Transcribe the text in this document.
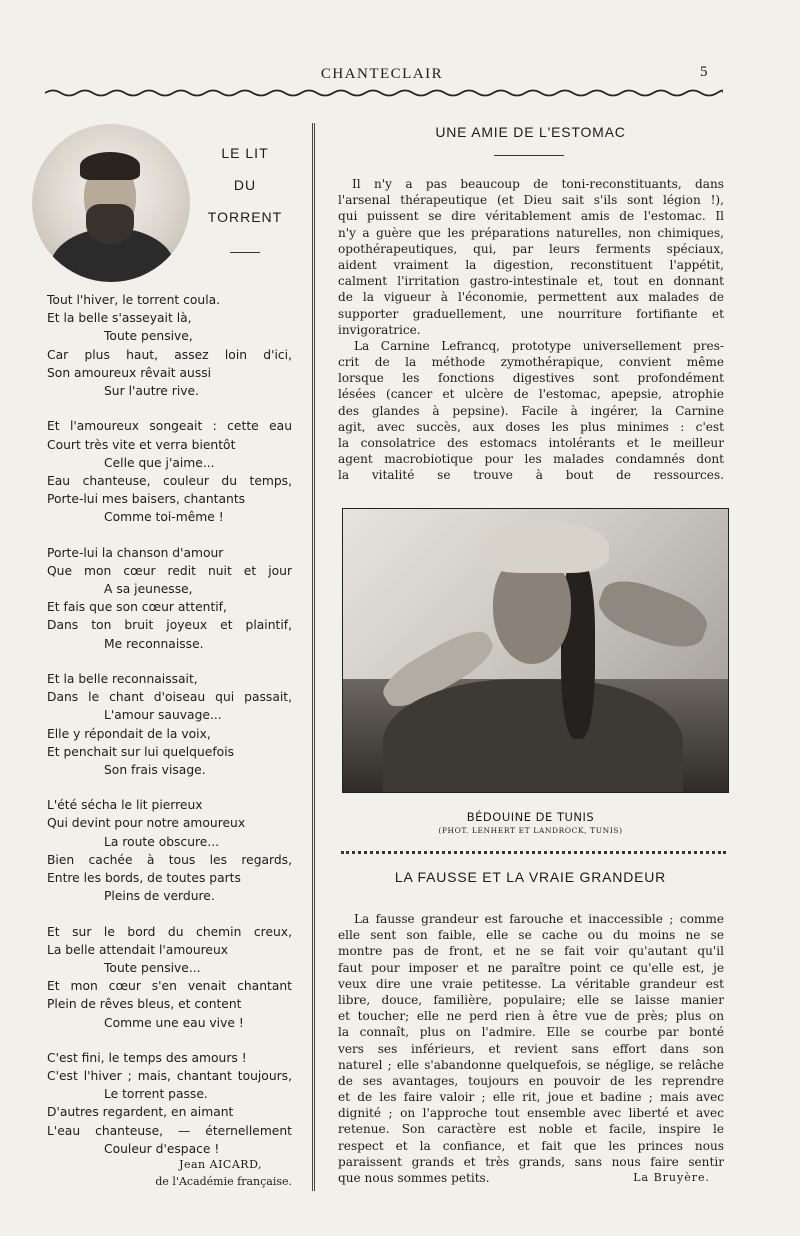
CHANTECLAIR	5
LE LIT
DU
TORRENT
Tout l'hiver, le torrent coula.
Et la belle s'asseyait là,
Toute pensive,
Car plus haut, assez loin d'ici,
Son amoureux rêvait aussi
Sur l'autre rive.
Et l'amoureux songeait : cette eau
Court très vite et verra bientôt
Celle que j'aime...
Eau chanteuse, couleur du temps,
Porte-lui mes baisers, chantants
Comme toi-même !
Porte-lui la chanson d'amour
Que mon cœur redit nuit et jour
A sa jeunesse,
Et fais que son cœur attentif,
Dans ton bruit joyeux et plaintif,
Me reconnaisse.
Et la belle reconnaissait,
Dans le chant d'oiseau qui passait,
L'amour sauvage...
Elle y répondait de la voix,
Et penchait sur lui quelquefois
Son frais visage.
L'été sécha le lit pierreux
Qui devint pour notre amoureux
La route obscure...
Bien cachée à tous les regards,
Entre les bords, de toutes parts
Pleins de verdure.
Et sur le bord du chemin creux,
La belle attendait l'amoureux
Toute pensive...
Et mon cœur s'en venait chantant
Plein de rêves bleus, et content
Comme une eau vive !
C'est fini, le temps des amours !
C'est l'hiver ; mais, chantant toujours,
Le torrent passe.
D'autres regardent, en aimant
L'eau chanteuse, — éternellement
Couleur d'espace !
Jean AICARD,
de l'Académie française.
UNE AMIE DE L'ESTOMAC
Il n'y a pas beaucoup de toni-reconstituants, dans
l'arsenal thérapeutique (et Dieu sait s'ils sont légion !),
qui puissent se dire véritablement amis de l'estomac. Il
n'y a guère que les préparations naturelles, non chimiques,
opothérapeutiques, qui, par leurs ferments spéciaux,
aident vraiment la digestion, reconstituent l'appétit,
calment l'irritation gastro-intestinale et, tout en donnant
de la vigueur à l'économie, permettent aux malades de
supporter graduellement, une nourriture fortifiante et
invigoratrice.
La Carnine Lefrancq, prototype universellement pres-
crit de la méthode zymothérapique, convient même
lorsque les fonctions digestives sont profondément
lésées (cancer et ulcère de l'estomac, apepsie, atrophie
des glandes à pepsine). Facile à ingérer, la Carnine
agit, avec succès, aux doses les plus minimes : c'est
la consolatrice des estomacs intolérants et le meilleur
agent macrobiotique pour les malades condamnés dont
la vitalité se trouve à bout de ressources.
BÉDOUINE DE TUNIS
(PHOT. LENHERT ET LANDROCK, TUNIS)
LA FAUSSE ET LA VRAIE GRANDEUR
La fausse grandeur est farouche et inaccessible ; comme
elle sent son faible, elle se cache ou du moins ne se
montre pas de front, et ne se fait voir qu'autant qu'il
faut pour imposer et ne paraître point ce qu'elle est, je
veux dire une vraie petitesse. La véritable grandeur est
libre, douce, familière, populaire; elle se laisse manier
et toucher; elle ne perd rien à être vue de près; plus on
la connaît, plus on l'admire. Elle se courbe par bonté
vers ses inférieurs, et revient sans effort dans son
naturel ; elle s'abandonne quelquefois, se néglige, se relâche
de ses avantages, toujours en pouvoir de les reprendre
et de les faire valoir ; elle rit, joue et badine ; mais avec
dignité ; on l'approche tout ensemble avec liberté et avec
retenue. Son caractère est noble et facile, inspire le
respect et la confiance, et fait que les princes nous
paraissent grands et très grands, sans nous faire sentir
que nous sommes petits.	La Bruyère.
